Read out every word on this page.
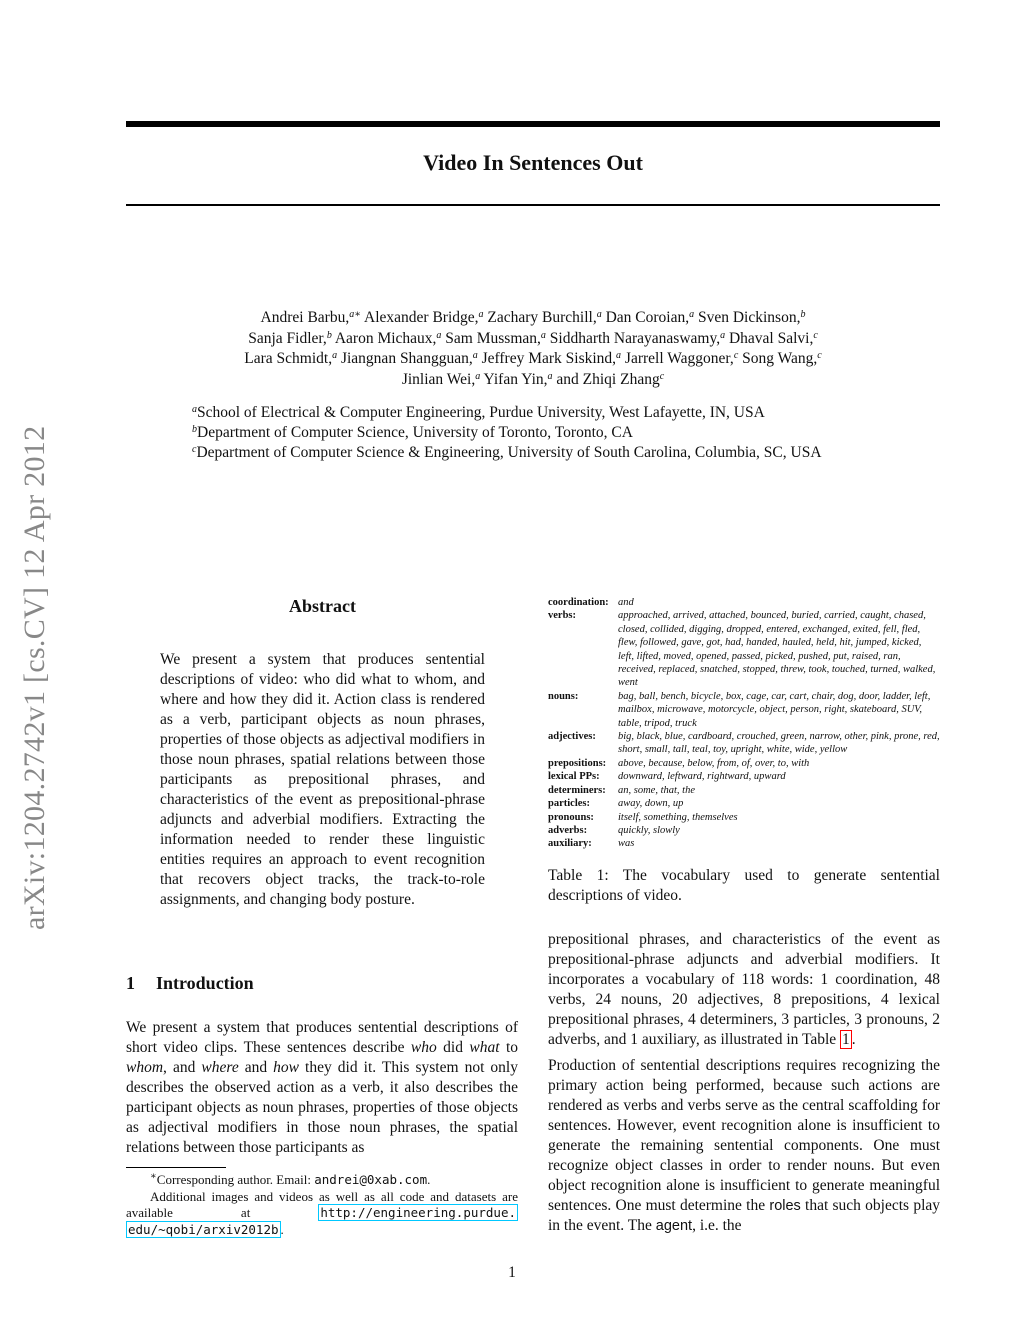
Video In Sentences Out
arXiv:1204.2742v1 [cs.CV] 12 Apr 2012
Andrei Barbu,$^{a∗}$ Alexander Bridge,$^a$ Zachary Burchill,$^a$ Dan Coroian,$^a$ Sven Dickinson,$^b$
Sanja Fidler,$^b$ Aaron Michaux,$^a$ Sam Mussman,$^a$ Siddharth Narayanaswamy,$^a$ Dhaval Salvi,$^c$
Lara Schmidt,$^a$ Jiangnan Shangguan,$^a$ Jeffrey Mark Siskind,$^a$ Jarrell Waggoner,$^c$ Song Wang,$^c$
Jinlian Wei,$^a$ Yifan Yin,$^a$ and Zhiqi Zhang$^c$
$^a$School of Electrical & Computer Engineering, Purdue University, West Lafayette, IN, USA
$^b$Department of Computer Science, University of Toronto, Toronto, CA
$^c$Department of Computer Science & Engineering, University of South Carolina, Columbia, SC, USA
Abstract
We present a system that produces sentential descriptions of video: who did what to whom, and where and how they did it. Action class is rendered as a verb, participant objects as noun phrases, properties of those objects as adjectival modifiers in those noun phrases, spatial relations between those participants as prepositional phrases, and characteristics of the event as prepositional-phrase adjuncts and adverbial modifiers. Extracting the information needed to render these linguistic entities requires an approach to event recognition that recovers object tracks, the track-to-role assignments, and changing body posture.
1 Introduction
We present a system that produces sentential descriptions of short video clips. These sentences describe who did what to whom, and where and how they did it. This system not only describes the observed action as a verb, it also describes the participant objects as noun phrases, properties of those objects as adjectival modifiers in those noun phrases, the spatial relations between those participants as
∗Corresponding author. Email: andrei@0xab.com.
Additional images and videos as well as all code and datasets are available at http://engineering.purdue. edu/~qobi/arxiv2012b .
coordination:	and
verbs:	approached, arrived, attached, bounced, buried, carried, caught, chased, closed, collided, digging, dropped, entered, exchanged, exited, fell, fled, flew, followed, gave, got, had, handed, hauled, held, hit, jumped, kicked, left, lifted, moved, opened, passed, picked, pushed, put, raised, ran, received, replaced, snatched, stopped, threw, took, touched, turned, walked, went
nouns:	bag, ball, bench, bicycle, box, cage, car, cart, chair, dog, door, ladder, left, mailbox, microwave, motorcycle, object, person, right, skateboard, SUV, table, tripod, truck
adjectives:	big, black, blue, cardboard, crouched, green, narrow, other, pink, prone, red, short, small, tall, teal, toy, upright, white, wide, yellow
prepositions:	above, because, below, from, of, over, to, with
lexical PPs:	downward, leftward, rightward, upward
determiners:	an, some, that, the
particles:	away, down, up
pronouns:	itself, something, themselves
adverbs:	quickly, slowly
auxiliary:	was
Table 1: The vocabulary used to generate sentential descriptions of video.

prepositional phrases, and characteristics of the event as prepositional-phrase adjuncts and adverbial modifiers. It incorporates a vocabulary of 118 words: 1 coordination, 48 verbs, 24 nouns, 20 adjectives, 8 prepositions, 4 lexical prepositional phrases, 4 determiners, 3 particles, 3 pronouns, 2 adverbs, and 1 auxiliary, as illustrated in Table 1 .

Production of sentential descriptions requires recognizing the primary action being performed, because such actions are rendered as verbs and verbs serve as the central scaffolding for sentences. However, event recognition alone is insufficient to generate the remaining sentential components. One must recognize object classes in order to render nouns. But even object recognition alone is insufficient to generate meaningful sentences. One must determine the roles that such objects play in the event. The agent, i.e. the

1
